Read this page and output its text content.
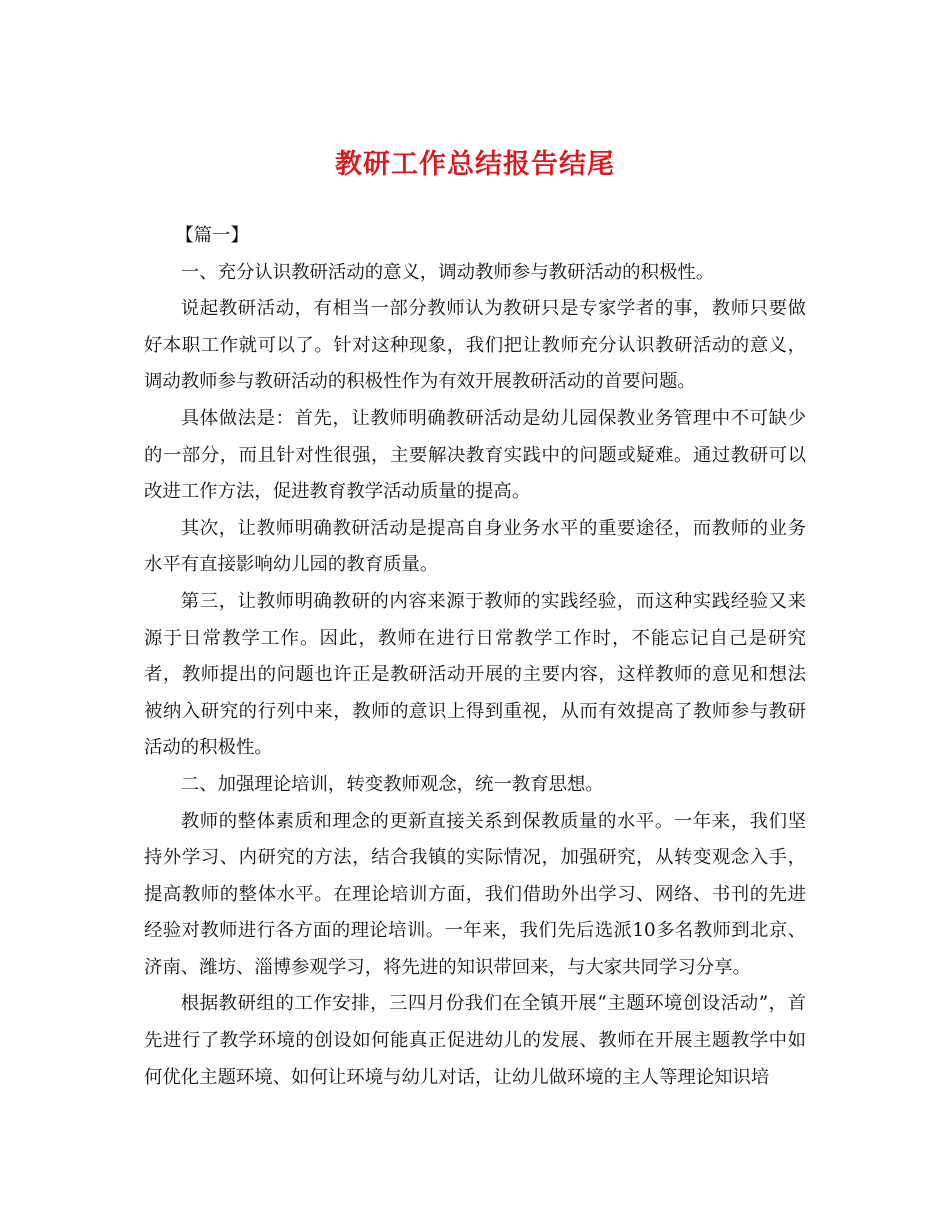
教研工作总结报告结尾

【篇一】

一、充分认识教研活动的意义，调动教师参与教研活动的积极性。

说起教研活动，有相当一部分教师认为教研只是专家学者的事，教师只要做好本职工作就可以了。针对这种现象，我们把让教师充分认识教研活动的意义，调动教师参与教研活动的积极性作为有效开展教研活动的首要问题。

具体做法是：首先，让教师明确教研活动是幼儿园保教业务管理中不可缺少的一部分，而且针对性很强，主要解决教育实践中的问题或疑难。通过教研可以改进工作方法，促进教育教学活动质量的提高。

其次，让教师明确教研活动是提高自身业务水平的重要途径，而教师的业务水平有直接影响幼儿园的教育质量。

第三，让教师明确教研的内容来源于教师的实践经验，而这种实践经验又来源于日常教学工作。因此，教师在进行日常教学工作时，不能忘记自己是研究者，教师提出的问题也许正是教研活动开展的主要内容，这样教师的意见和想法被纳入研究的行列中来，教师的意识上得到重视，从而有效提高了教师参与教研活动的积极性。

二、加强理论培训，转变教师观念，统一教育思想。

教师的整体素质和理念的更新直接关系到保教质量的水平。一年来，我们坚持外学习、内研究的方法，结合我镇的实际情况，加强研究，从转变观念入手，提高教师的整体水平。在理论培训方面，我们借助外出学习、网络、书刊的先进经验对教师进行各方面的理论培训。一年来，我们先后选派10多名教师到北京、济南、潍坊、淄博参观学习，将先进的知识带回来，与大家共同学习分享。

根据教研组的工作安排，三四月份我们在全镇开展“主题环境创设活动”，首先进行了教学环境的创设如何能真正促进幼儿的发展、教师在开展主题教学中如何优化主题环境、如何让环境与幼儿对话，让幼儿做环境的主人等理论知识培
